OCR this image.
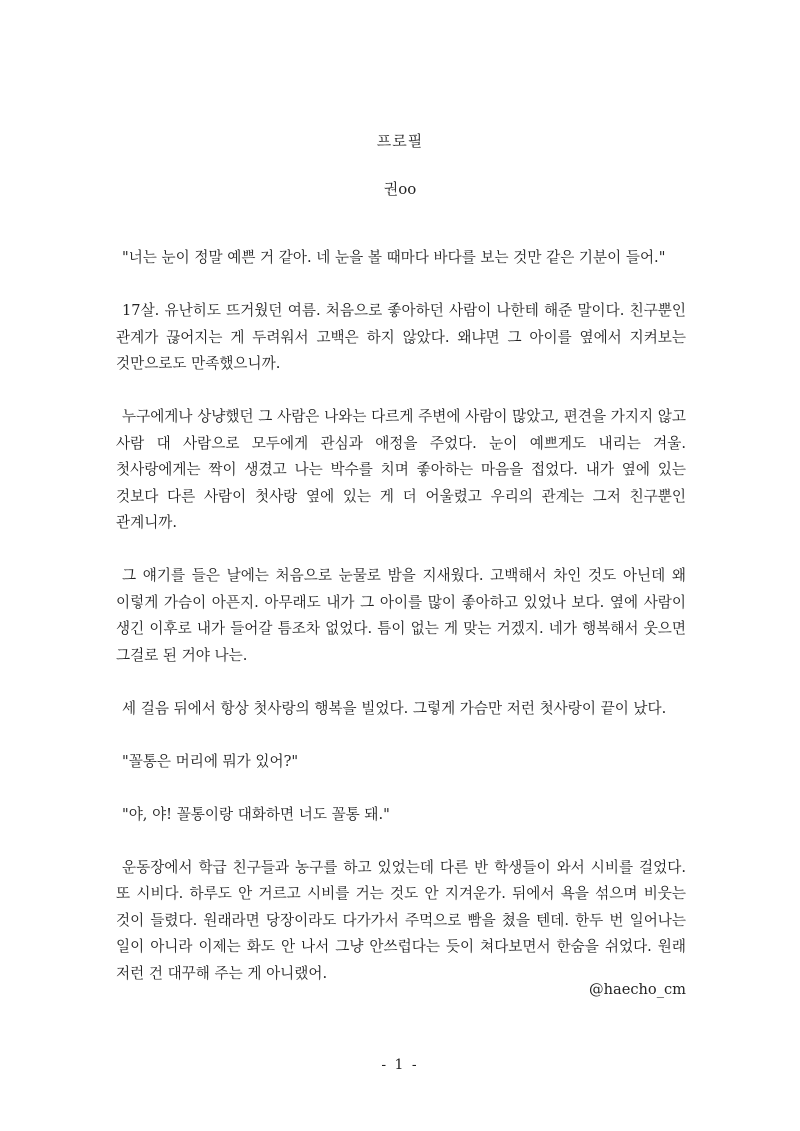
프로필
권oo

"너는 눈이 정말 예쁜 거 같아. 네 눈을 볼 때마다 바다를 보는 것만 같은 기분이 들어."

17살. 유난히도 뜨거웠던 여름. 처음으로 좋아하던 사람이 나한테 해준 말이다. 친구뿐인 관계가 끊어지는 게 두려워서 고백은 하지 않았다. 왜냐면 그 아이를 옆에서 지켜보는 것만으로도 만족했으니까.

누구에게나 상냥했던 그 사람은 나와는 다르게 주변에 사람이 많았고, 편견을 가지지 않고 사람 대 사람으로 모두에게 관심과 애정을 주었다. 눈이 예쁘게도 내리는 겨울. 첫사랑에게는 짝이 생겼고 나는 박수를 치며 좋아하는 마음을 접었다. 내가 옆에 있는 것보다 다른 사람이 첫사랑 옆에 있는 게 더 어울렸고 우리의 관계는 그저 친구뿐인 관계니까.

그 얘기를 들은 날에는 처음으로 눈물로 밤을 지새웠다. 고백해서 차인 것도 아닌데 왜 이렇게 가슴이 아픈지. 아무래도 내가 그 아이를 많이 좋아하고 있었나 보다. 옆에 사람이 생긴 이후로 내가 들어갈 틈조차 없었다. 틈이 없는 게 맞는 거겠지. 네가 행복해서 웃으면 그걸로 된 거야 나는.

세 걸음 뒤에서 항상 첫사랑의 행복을 빌었다. 그렇게 가슴만 저런 첫사랑이 끝이 났다.

"꼴통은 머리에 뭐가 있어?"

"야, 야! 꼴통이랑 대화하면 너도 꼴통 돼."

운동장에서 학급 친구들과 농구를 하고 있었는데 다른 반 학생들이 와서 시비를 걸었다. 또 시비다. 하루도 안 거르고 시비를 거는 것도 안 지겨운가. 뒤에서 욕을 섞으며 비웃는 것이 들렸다. 원래라면 당장이라도 다가가서 주먹으로 빰을 쳤을 텐데. 한두 번 일어나는 일이 아니라 이제는 화도 안 나서 그냥 안쓰럽다는 듯이 쳐다보면서 한숨을 쉬었다. 원래 저런 건 대꾸해 주는 게 아니랬어.

@haecho_cm
- 1 -
